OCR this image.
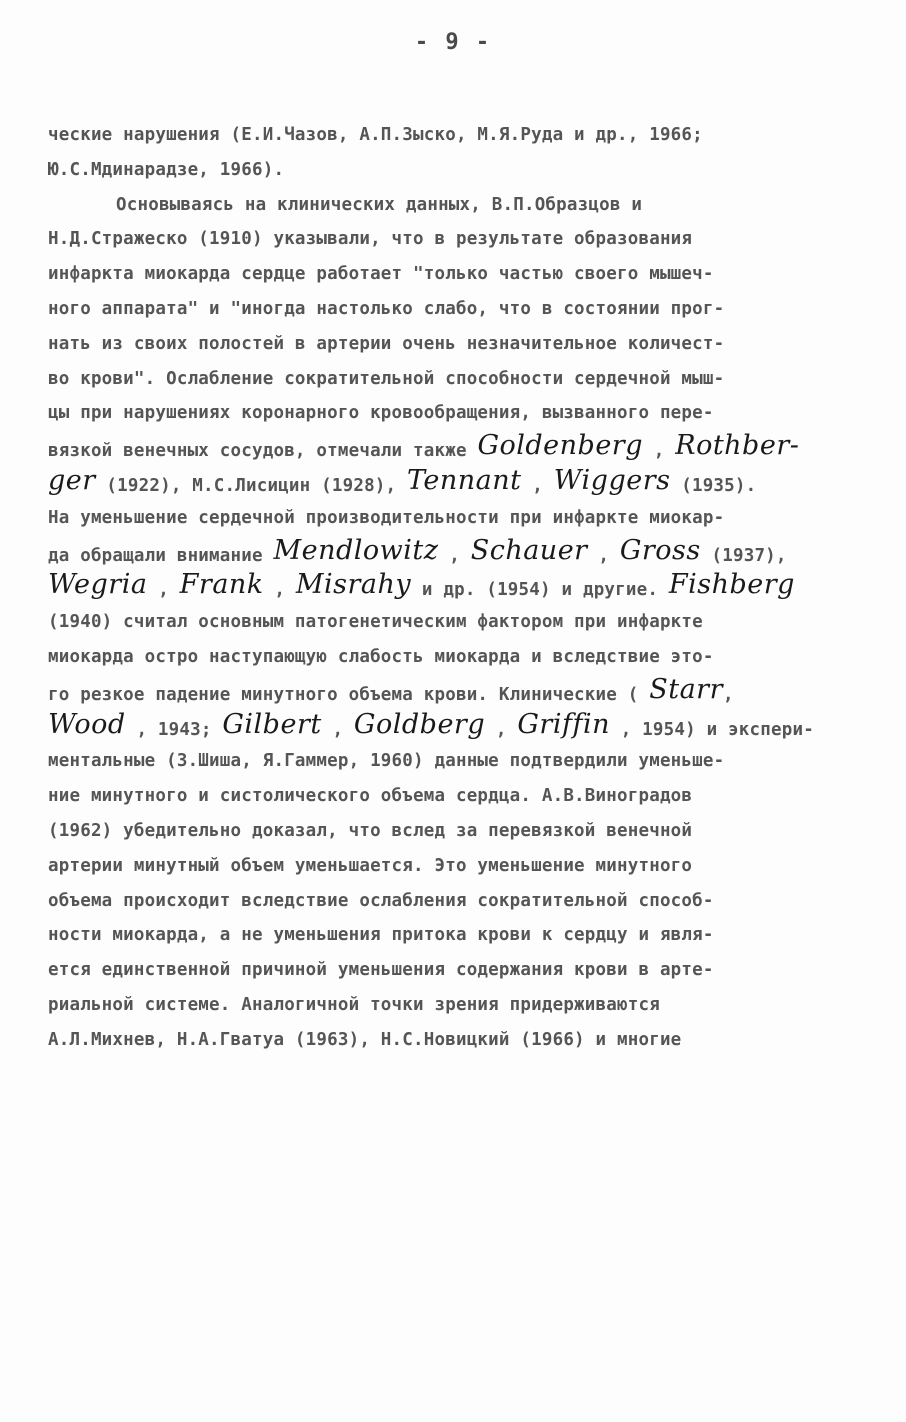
- 9 -
ческие нарушения (Е.И.Чазов, А.П.Зыско, М.Я.Руда и др., 1966;
Ю.С.Мдинарадзе, 1966).
Основываясь на клинических данных, В.П.Образцов и
Н.Д.Стражеско (1910) указывали, что в результате образования
инфаркта миокарда сердце работает "только частью своего мышеч-
ного аппарата" и "иногда настолько слабо, что в состоянии прог-
нать из своих полостей в артерии очень незначительное количест-
во крови". Ослабление сократительной способности сердечной мыш-
цы при нарушениях коронарного кровообращения, вызванного пере-
вязкой венечных сосудов, отмечали также Goldenberg , Rothber-
ger (1922), М.С.Лисицин (1928), Tennant , Wiggers (1935).
На уменьшение сердечной производительности при инфаркте миокар-
да обращали внимание Mendlowitz , Schauer , Gross (1937),
Wegria , Frank , Misrahy и др. (1954) и другие. Fishberg
(1940) считал основным патогенетическим фактором при инфаркте
миокарда остро наступающую слабость миокарда и вследствие это-
го резкое падение минутного объема крови. Клинические ( Starr,
Wood , 1943; Gilbert , Goldberg , Griffin , 1954) и экспери-
ментальные (З.Шиша, Я.Гаммер, 1960) данные подтвердили уменьше-
ние минутного и систолического объема сердца. А.В.Виноградов
(1962) убедительно доказал, что вслед за перевязкой венечной
артерии минутный объем уменьшается. Это уменьшение минутного
объема происходит вследствие ослабления сократительной способ-
ности миокарда, а не уменьшения притока крови к сердцу и явля-
ется единственной причиной уменьшения содержания крови в арте-
риальной системе. Аналогичной точки зрения придерживаются
А.Л.Михнев, Н.А.Гватуа (1963), Н.С.Новицкий (1966) и многие
